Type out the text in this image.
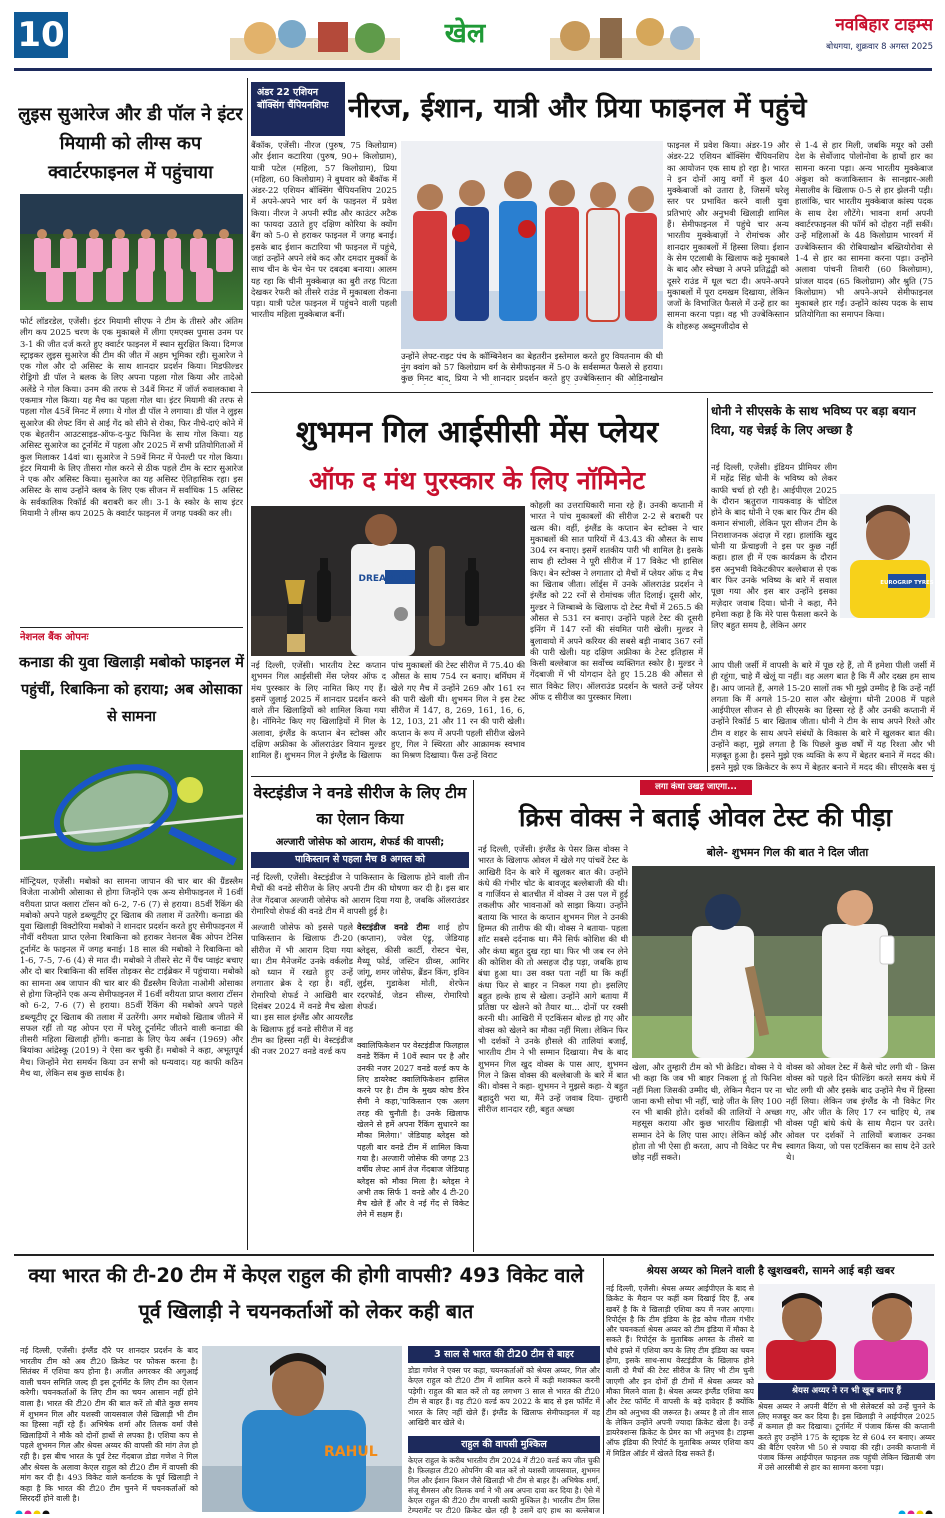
10	खेल	नवबिहार टाइम्स
बोधगया, शुक्रवार 8 अगस्त 2025
लुइस सुआरेज और डी पॉल ने इंटर मियामी को लीग्स कप क्वार्टरफाइनल में पहुंचाया
फोर्ट लॉडरडेल, एजेंसी। इंटर मियामी सीएफ ने टीम के तीसरे और अंतिम लीग कप 2025 चरण के एक मुकाबले में लीगा एमएक्स पुमास उनम पर 3-1 की जीत दर्ज करते हुए क्वार्टर फाइनल में स्थान सुरक्षित किया। दिग्गज स्ट्राइकर लुइस सुआरेज की टीम की जीत में अहम भूमिका रही। सुआरेज ने एक गोल और दो असिस्ट के साथ शानदार प्रदर्शन किया। मिडफील्डर रोड्रिगो डी पॉल ने बलक के लिए अपना पहला गोल किया और तादेओ अलेंडे ने गोल किया। उनम की तरफ से 34वें मिनट में जॉर्ज रुवालकाबा ने एकमात्र गोल किया। यह मैच का पहला गोल था। इंटर मियामी की तरफ से पहला गोल 45वें मिनट में लगा। ये गोल डी पॉल ने लगाया। डी पॉल ने लुइस सुआरेज की लेफ्ट विंग से आई गेंद को सीने से रोका, फिर नीचे-दाएं कोने में एक बेहतरीन आउटसाइड-ऑफ-द-फुट फिनिश के साथ गोल किया। यह असिस्ट सुआरेज का टूर्नामेंट में पहला और 2025 में सभी प्रतियोगिताओं में कुल मिलाकर 14वां था। सुआरेज ने 59वें मिनट में पेनल्टी पर गोल किया। इंटर मियामी के लिए तीसरा गोल करने से ठीक पहले टीम के स्टार सुआरेज ने एक और असिस्ट किया। सुआरेज का यह असिस्ट ऐतिहासिक रहा। इस असिस्ट के साथ उन्होंने क्लब के लिए एक सीजन में सर्वाधिक 15 असिस्ट के सर्वकालिक रिकॉर्ड की बराबरी कर ली। 3-1 के स्कोर के साथ इंटर मियामी ने लीग्स कप 2025 के क्वार्टर फाइनल में जगह पक्की कर ली।
नेशनल बैंक ओपनः
कनाडा की युवा खिलाड़ी मबोको फाइनल में पहुंचीं, रिबाकिना को हराया; अब ओसाका से सामना
मॉन्ट्रियल, एजेंसी। मबोको का सामना जापान की चार बार की ग्रैंडस्लैम विजेता नाओमी ओसाका से होगा जिन्होंने एक अन्य सेमीफाइनल में 16वीं वरीयता प्राप्त क्लारा टॉसन को 6-2, 7-6 (7) से हराया। 85वीं रैंकिंग की मबोको अपने पहले डब्ल्यूटीए टूर खिताब की तलाश में उतरेंगी। कनाडा की युवा खिलाड़ी विक्टोरिया मबोको ने शानदार प्रदर्शन करते हुए सेमीफाइनल में नौवीं वरीयता प्राप्त एलेना रिबाकिना को हराकर नेशनल बैंक ओपन टेनिस टूर्नामेंट के फाइनल में जगह बनाई। 18 साल की मबोको ने रिबाकिना को 1-6, 7-5, 7-6 (4) से मात दी। मबोको ने तीसरे सेट में पैंच प्वाइंट बचाए और दो बार रिबाकिना की सर्विस तोड़कर सेट टाईब्रेकर में पहुंचाया। मबोको का सामना अब जापान की चार बार की ग्रैंडस्लैम विजेता नाओमी ओसाका से होगा जिन्होंने एक अन्य सेमीफाइनल में 16वीं वरीयता प्राप्त क्लारा टॉसन को 6-2, 7-6 (7) से हराया। 85वीं रैंकिंग की मबोको अपने पहले डब्ल्यूटीए टूर खिताब की तलाश में उतरेंगी। अगर मबोको खिताब जीतने में सफल रहीं तो यह ओपन एरा में घरेलू टूर्नामेंट जीतने वाली कनाडा की तीसरी महिला खिलाड़ी होंगी। कनाडा के लिए फेय अर्बन (1969) और बियांका आंद्रेस्कू (2019) ने ऐसा कर चुकी हैं। मबोको ने कहा, अभूतपूर्व मैच। जिन्होंने मेरा समर्थन किया उन सभी को धन्यवाद। यह काफी कठिन मैच था, लेकिन सब कुछ सार्थक है।
अंडर 22 एशियन बॉक्सिंग चैंपियनशिपः नीरज, ईशान, यात्री और प्रिया फाइनल में पहुंचे
बैंकॉक, एजेंसी। नीरज (पुरुष, 75 किलोग्राम) और ईशान कटारिया (पुरुष, 90+ किलोग्राम), यात्री पटेल (महिला, 57 किलोग्राम), प्रिया (महिला, 60 किलोग्राम) ने बुधवार को बैंकॉक में अंडर-22 एशियन बॉक्सिंग चैंपियनशिप 2025 में अपने-अपने भार वर्ग के फाइनल में प्रवेश किया। नीरज ने अपनी स्पीड और काउंटर अटैक का फायदा उठाते हुए दक्षिण कोरिया के क्योंग बैंग को 5-0 से हराकर फाइनल में जगह बनाई। इसके बाद ईशान कटारिया भी फाइनल में पहुंचे, जहां उन्होंने अपने लंबे कद और दमदार मुक्कों के साथ चीन के चेन चेन पर दबदबा बनाया। आलम यह रहा कि चीनी मुक्केबाज़ का बुरी तरह पिटता देखकर रेफरी को तीसरे राउंड में मुकाबला रोकना पड़ा। यात्री पटेल फाइनल में पहुंचने वाली पहली भारतीय महिला मुक्केबाज बनीं।
उन्होंने लेफ्ट-राइट पंच के कॉम्बिनेशन का बेहतरीन इस्तेमाल करते हुए वियतनाम की थी नुंग क्वांग को 57 किलोग्राम वर्ग के सेमीफाइनल में 5-0 के सर्वसम्मत फैसले से हराया। कुछ मिनट बाद, प्रिया ने भी शानदार प्रदर्शन करते हुए उज्बेकिस्तान की ओडिनाखोन
फाइनल में प्रवेश किया। अंडर-19 और अंडर-22 एशियन बॉक्सिंग चैंपियनशिप का आयोजन एक साथ हो रहा है। भारत ने इन दोनों आयु वर्गों में कुल 40 मुक्केबाजों को उतारा है, जिसमें घरेलू स्तर पर प्रभावित करने वाली युवा प्रतिभाएं और अनुभवी खिलाड़ी शामिल हैं। सेमीफाइनल में पहुंचे चार अन्य भारतीय मुक्केबाज़ों ने रोमांचक और शानदार मुकाबलों में हिस्सा लिया। ईशान के सेम एटलाबी के खिलाफ कड़े मुकाबले के बाद और स्वेच्छा ने अपने प्रतिद्वंद्वी को दूसरे राउंड में धूल चटा दी। अपने-अपने मुकाबलों में पूरा दमखम दिखाया, लेकिन जजों के विभाजित फैसले में उन्हें हार का सामना करना पड़ा। वह भी उज्बेकिस्तान के शोहरूह अब्दुमजीदोव से
से 1-4 से हार मिली, जबकि मयूर को उसी देश के सेर्वोजाद पोलोनोवा के हाथों हार का सामना करना पड़ा। अन्य भारतीय मुक्केबाज अंकुश को कजाकिस्तान के सानझार-अली मेसालीव के खिलाफ 0-5 से हार झेलनी पड़ी। हालांकि, चार भारतीय मुक्केबाज कांस्य पदक के साथ देश लौटेंगे। भावना शर्मा अपनी क्वार्टरफाइनल की फॉर्म को दोहरा नहीं सकीं। उन्हें महिलाओं के 48 किलोग्राम भारवर्ग में उज्बेकिस्तान की रोबियाखोन बख्तियोरोवा से 1-4 से हार का सामना करना पड़ा। उन्होंने अलावा पांचनी तिवारी (60 किलोग्राम), प्रांजल यादव (65 किलोग्राम) और श्रुति (75 किलोग्राम) भी अपने-अपने सेमीफाइनल मुकाबले हार गईं। उन्होंने कांस्य पदक के साथ प्रतियोगिता का समापन किया।
शुभमन गिल आईसीसी मेंस प्लेयर
ऑफ द मंथ पुरस्कार के लिए नॉमिनेट
DREAM11
कोहली का उत्तराधिकारी माना रहे हैं। उनकी कप्तानी में भारत ने पांच मुकाबलों की सीरीज 2-2 से बराबरी पर खत्म की। वहीं, इंग्लैंड के कप्तान बेन स्टोक्स ने चार मुकाबलों की सात पारियों में 43.43 की औसत के साथ 304 रन बनाए। इसमें शतकीय पारी भी शामिल है। इसके साथ ही स्टोक्स ने पूरी सीरीज में 17 विकेट भी हासिल किए। बेन स्टोक्स ने लगातार दो मैचों में प्लेयर ऑफ द मैच का खिताब जीता। लॉर्ड्स में उनके ऑलराउंड प्रदर्शन ने इंग्लैंड को 22 रनों से रोमांचक जीत दिलाई। दूसरी ओर, मुल्डर ने जिम्बाब्वे के खिलाफ दो टेस्ट मैचों में 265.5 की औसत से 531 रन बनाए। उन्होंने पहले टेस्ट की दूसरी इनिंग में 147 रनों की संयमित पारी खेली। मुल्डर ने बुलावायो में अपने करियर की सबसे बड़ी नाबाद 367 रनों की पारी खेली। यह दक्षिण अफ्रीका के टेस्ट इतिहास में किसी बल्लेबाज का सर्वोच्च व्यक्तिगत स्कोर है। मुल्डर ने गेंदबाजी में भी योगदान देते हुए 15.28 की औसत से सात विकेट लिए। ऑलराउंड प्रदर्शन के चलते उन्हें प्लेयर ऑफ द सीरीज का पुरस्कार मिला।
नई दिल्ली, एजेंसी। भारतीय टेस्ट कप्तान शुभमन गिल आईसीसी मेंस प्लेयर ऑफ द मंथ पुरस्कार के लिए नामित किए गए हैं। इसमें जुलाई 2025 में शानदार प्रदर्शन करने वाले तीन खिलाड़ियों को शामिल किया गया है। नॉमिनेट किए गए खिलाड़ियों में गिल के अलावा, इंग्लैंड के कप्तान बेन स्टोक्स और दक्षिण अफ्रीका के ऑलराउंडर वियान मुल्डर शामिल हैं। शुभमन गिल ने इंग्लैंड के खिलाफ
पांच मुकाबलों की टेस्ट सीरीज में 75.40 की औसत के साथ 754 रन बनाए। बर्मिंघम में खेले गए मैच में उन्होंने 269 और 161 रन की पारी खेली थी। शुभमन गिल ने इस टेस्ट सीरीज में 147, 8, 269, 161, 16, 6, 12, 103, 21 और 11 रन की पारी खेली। कप्तान के रूप में अपनी पहली सीरीज खेलने हुए, गिल ने स्थिरता और आक्रामक स्वभाव का मिश्रण दिखाया। फैंस उन्हें विराट
धोनी ने सीएसके के साथ भविष्य पर बड़ा बयान दिया, यह चेन्नई के लिए अच्छा है
नई दिल्ली, एजेंसी। इंडियन प्रीमियर लीग में महेंद्र सिंह धोनी के भविष्य को लेकर काफी चर्चा हो रही है। आईपीएल 2025 के दौरान ऋतुराज गायकवाड़ के चोटिल होने के बाद धोनी ने एक बार फिर टीम की कमान संभाली, लेकिन पूरा सीजन टीम के निराशाजनक अंदाज़ में रहा। हालांकि खुद धोनी या फ्रेंचाइजी ने इस पर कुछ नहीं कहा। हाल ही में एक कार्यक्रम के दौरान इस अनुभवी विकेटकीपर बल्लेबाज से एक बार फिर उनके भविष्य के बारे में सवाल पूछा गया और इस बार उन्होंने इसका मज़ेदार जवाब दिया। धोनी ने कहा, मैंने हमेशा कहा है कि मेरे पास फैसला करने के लिए बहुत समय है, लेकिन अगर
EUROGRIP TYRES
आप पीली जर्सी में वापसी के बारे में पूछ रहे हैं, तो मैं हमेशा पीली जर्सी में ही रहूंगा, चाहे मैं खेलूं या नहीं। वह अलग बात है कि मैं और दख्स हम साथ हैं। आप जानते हैं, अगले 15-20 सालों तक भी मुझे उम्मीद है कि उन्हें नहीं लगता कि मैं अगले 15-20 साल और खेलूंगा। धोनी 2008 में पहले आईपीएल सीजन से ही सीएसके का हिस्सा रहे हैं और उनकी कप्तानी में उन्होंने रिकॉर्ड 5 बार खिताब जीता। धोनी ने टीम के साथ अपने रिश्ते और टीम व शहर के साथ अपने संबंधों के विकास के बारे में खुलकर बात की। उन्होंने कहा, मुझे लगता है कि पिछले कुछ वर्षों में यह रिश्ता और भी मज़बूत हुआ है। इसने मुझे एक व्यक्ति के रूप में बेहतर बनाने में मदद की। इसने मुझे एक क्रिकेटर के रूप में बेहतर बनाने में मदद की। सीएसके बस यूं
वेस्टइंडीज ने वनडे सीरीज के लिए टीम का ऐलान किया
अल्जारी जोसेफ को आराम, शेफर्ड की वापसी;
पाकिस्तान से पहला मैच 8 अगस्त को
नई दिल्ली, एजेंसी। वेस्टइंडीज ने पाकिस्तान के खिलाफ होने वाली तीन मैचों की वनडे सीरीज के लिए अपनी टीम की घोषणा कर दी है। इस बार तेज गेंदबाज अल्जारी जोसेफ को आराम दिया गया है, जबकि ऑलराउंडर रोमारियो शेफर्ड की वनडे टीम में वापसी हुई है।
अल्जारी जोसेफ को इससे पहले पाकिस्तान के खिलाफ टी-20 सीरीज में भी आराम दिया गया था। टीम मैनेजमेंट उनके वर्कलोड को ध्यान में रखते हुए उन्हें लगातार ब्रेक दे रहा है। वहीं, रोमारियो शेफर्ड ने आखिरी बार दिसंबर 2024 में वनडे मैच खेला था। इस साल इंग्लैंड और आयरलैंड के खिलाफ हुई वनडे सीरीज में वह टीम का हिस्सा नहीं थे। वेस्टइंडीज की नजर 2027 वनडे वर्ल्ड कप
वेस्टइंडीज वनडे टीमः शाई होप (कप्तान), ज्वेल एंड्रू, जेडियाह ब्लेड्स, कीसी कार्टी, रोस्टन चेस, मैथ्यू फोर्ड, जस्टिन ग्रीव्स, आमिर जांगू, शमर जोसेफ, ब्रैंडन किंग, इविन लुईस, गुडाकेश मोती, शेरफेन रदरफोर्ड, जेडन सील्स, रोमारियो शेफर्ड।
क्वालिफिकेशन पर वेस्टइंडीज फिलहाल वनडे रैंकिंग में 10वें स्थान पर है और उनकी नजर 2027 वनडे वर्ल्ड कप के लिए डायरेक्ट क्वालिफिकेशन हासिल करने पर है। टीम के मुख्य कोच डैरेन सैमी ने कहा,'पाकिस्तान एक अलग तरह की चुनौती है। उनके खिलाफ खेलने से हमें अपना रैंकिंग सुधारने का मौका मिलेगा।' जेडियाह ब्लेड्स को पहली बार वनडे टीम में शामिल किया गया है। अल्जारी जोसेफ की जगह 23 वर्षीय लेफ्ट आर्म तेज गेंदबाज जेडियाह ब्लेड्स को मौका मिला है। ब्लेड्स ने अभी तक सिर्फ 1 वनडे और 4 टी-20 मैच खेले हैं और वे नई गेंद से विकेट लेने में सक्षम हैं।
लगा कंधा उखड़ जाएगा...
क्रिस वोक्स ने बताई ओवल टेस्ट की पीड़ा
बोले- शुभमन गिल की बात ने दिल जीता
नई दिल्ली, एजेंसी। इंग्लैंड के पेसर क्रिस वोक्स ने भारत के खिलाफ ओवल में खेले गए पांचवें टेस्ट के आखिरी दिन के बारे में खुलकर बात की। उन्होंने कंधे की गंभीर चोट के बावजूद बल्लेबाजी की थी। व गार्जियन से बातचीत में वोक्स ने उस पल में हुई तकलीफ और भावनाओं को साझा किया। उन्होंने बताया कि भारत के कप्तान शुभमन गिल ने उनकी हिम्मत की तारीफ की थी। वोक्स ने बताया- पहला शॉट सबसे दर्दनाक था। मैंने सिर्फ कोशिश की थी और कंधा बहुत दुख रहा था। फिर भी जब रन लेने की कोशिश की तो असहज दौड़ पड़ा, जबकि हाथ बंधा हुआ था। उस वक्त पता नहीं था कि कहीं कंधा फिर से बाहर न निकल गया हो। इसलिए बहुत हल्के हाथ से खेला। उन्होंने आगे बताया मैं प्रतिष्ठा पर खेलने को तैयार था... दोनों पर रक्सी करनी थी। आखिरी में एटकिंसन बोल्ड हो गए और वोक्स को खेलने का मौका नहीं मिला। लेकिन फिर भी दर्शकों ने उनके हौसले की तालियां बजाईं, भारतीय टीम ने भी सम्मान दिखाया। मैच के बाद शुभमन गिल खुद वोक्स के पास आए, शुभमन गिल ने क्रिस वोक्स की बल्लेबाजी के बारे में बात की। वोक्स ने कहा- शुभमन ने मुझसे कहा- ये बहुत बहादुरी भरा था, मैंने उन्हें जवाब दिया- तुम्हारी सीरीज शानदार रही, बहुत अच्छा
खेला, और तुम्हारी टीम को भी क्रेडिट। वोक्स ने ये भी कहा कि जब भी बाहर निकला हूं तो फिनिश नहीं मिला जिसकी उम्मीद थी, लेकिन मैदान पर ना जाना कभी सोचा भी नहीं, चाहे जीत के लिए 100 रन भी बाकी होते। दर्शकों की तालियों ने अच्छा महसूस कराया और कुछ भारतीय खिलाड़ी भी सम्मान देने के लिए पास आए। लेकिन कोई और होता तो भी ऐसा ही करता, आप नौ विकेट पर मैच छोड़ नहीं सकते।
वोक्स को ओवल टेस्ट में कैसे चोट लगी थी - क्रिस वोक्स को पहले दिन फील्डिंग करते समय कंधे में चोट लगी थी और इसके बाद उन्होंने मैच में हिस्सा नहीं लिया। लेकिन जब इंग्लैंड के नौ विकेट गिर गए, और जीत के लिए 17 रन चाहिए थे, तब वोक्स पट्टी बांधे कंधे के साथ मैदान पर उतरे। ओवल पर दर्शकों ने तालियों बजाकर उनका स्वागत किया, जो पस एटकिंसन का साथ देने उतरे थे।
क्या भारत की टी-20 टीम में केएल राहुल की होगी वापसी? 493 विकेट वाले पूर्व खिलाड़ी ने चयनकर्ताओं को लेकर कही बात
नई दिल्ली, एजेंसी। इंग्लैंड दौरे पर शानदार प्रदर्शन के बाद भारतीय टीम को अब टी20 क्रिकेट पर फोकस करना है। सितंबर में एशिया कप होना है। अजीत अगरकर की अगुआई वाली चयन समिति जल्द ही इस टूर्नामेंट के लिए टीम का ऐलान करेगी। चयनकर्ताओं के लिए टीम का चयन आसान नहीं होने वाला है। भारत की टी20 टीम की बात करें तो बीते कुछ समय में शुभमन गिल और यशस्वी जायसवाल जैसे खिलाड़ी भी टीम का हिस्सा नहीं रहे हैं। अभिषेक शर्मा और तिलक वर्मा जैसे खिलाड़ियों ने मौके को दोनों हाथों से लपका है। एशिया कप से पहले शुभमन गिल और श्रेयस अय्यर की वापसी की मांग तेज हो रही है। इस बीच भारत के पूर्व टेस्ट गेंदबाज डोडा गणेश ने गिल और श्रेयस के अलावा केएल राहुल को टी20 टीम में वापसी की मांग कर दी है। 493 विकेट वाले कर्नाटक के पूर्व खिलाड़ी ने कहा है कि भारत की टी20 टीम चुनने में चयनकर्ताओं को सिरदर्दी होने वाली है।
RAHUL
3 साल से भारत की टी20 टीम से बाहर
डोडा गणेश ने एक्स पर कहा, चयनकर्ताओं को श्रेयस अय्यर, गिल और केएल राहुल को टी20 टीम में शामिल करने में कड़ी मशक्कत करनी पड़ेगी। राहुल की बात करें तो वह लगभग 3 साल से भारत की टी20 टीम से बाहर हैं। वह टी20 वर्ल्ड कप 2022 के बाद से इस फॉर्मेट में भारत के लिए नहीं खेले हैं। इंग्लैंड के खिलाफ सेमीफाइनल में वह आखिरी बार खेले थे।
राहुल की वापसी मुश्किल
केएल राहुल के करीब भारतीय टीम 2024 में टी20 वर्ल्ड कप जीत चुकी है। फ़िलहाल टी20 ओपनिंग की बात करें तो यशस्वी जायसवाल, शुभमन गिल और ईशान किशन जैसे खिलाड़ी भी टीम से बाहर हैं। अभिषेक शर्मा, संजू सैमसन और तिलक वर्मा ने भी अब अपना दावा कर दिया है। ऐसे में केएल राहुल की टी20 टीम वापसी काफी मुश्किल है। भारतीय टीम लिस टेम्परामेंट पर टी20 क्रिकेट खेल रही है उसमें दाएं हाथ का बल्लेबाज
श्रेयस अय्यर को मिलने वाली है खुशखबरी, सामने आई बड़ी खबर
नई दिल्ली, एजेंसी। श्रेयस अय्यर आईपीएल के बाद से क्रिकेट के मैदान पर कहीं कम दिखाई दिए हैं, अब खबरें है कि वे खिलाड़ी एशिया कप में नजर आएगा। रिपोर्ट्स है कि टीम इंडिया के हेड कोच गौतम गंभीर और चयनकर्ता श्रेयस अय्यर को टीम इंडिया में मौका दे सकते हैं। रिपोर्ट्स के मुताबिक अगस्त के तीसरे या चौथे हफ्ते में एशिया कप के लिए टीम इंडिया का चयन होगा, इसके साथ-साथ वेस्टइंडीज के खिलाफ होने वाली दो मैचों की टेस्ट सीरीज के लिए भी टीम चुनी जाएगी और इन दोनों ही टीमों में श्रेयस अय्यर को मौका मिलने वाला है। श्रेयस अय्यर इंग्लैंड एशिया कप और टेस्ट फॉर्मेट में वापसी के बड़े दावेदार हैं क्योंकि टीम को अनुभव की जरूरत है। अय्यर है तो तीन साल के लेकिन उन्होंने अपनी ज्यादा क्रिकेट खेला है। उन्हें डायरेक्शन्स क्रिकेट के प्रेमर का भी अनुभव है। टाइम्स ऑफ इंडिया की रिपोर्ट के मुताबिक अय्यर एशिया कप में मिडिल ऑर्डर में खेलते दिख सकते हैं।
श्रेयस अय्यर ने रन भी खूब बनाए हैं
श्रेयस अय्यर ने अपनी बैटिंग से भी सेलेक्टर्स को उन्हें चुनने के लिए मजबूर कर कर दिया है। इस खिलाड़ी ने आईपीएल 2025 में कमाल ही कर दिखाया। टूर्नामेंट में पंजाब किंग्स की कप्तानी करते हुए उन्होंने 175 के स्ट्राइक रेट से 604 रन बनाए। अय्यर की बैटिंग एवरेज भी 50 से ज्यादा की रही। उनकी कप्तानी में पंजाब किंग्स आईपीएल फाइनल तक पहुंची लेकिन खिताबी जंग में उसे आरसीबी से हार का सामना करना पड़ा।
